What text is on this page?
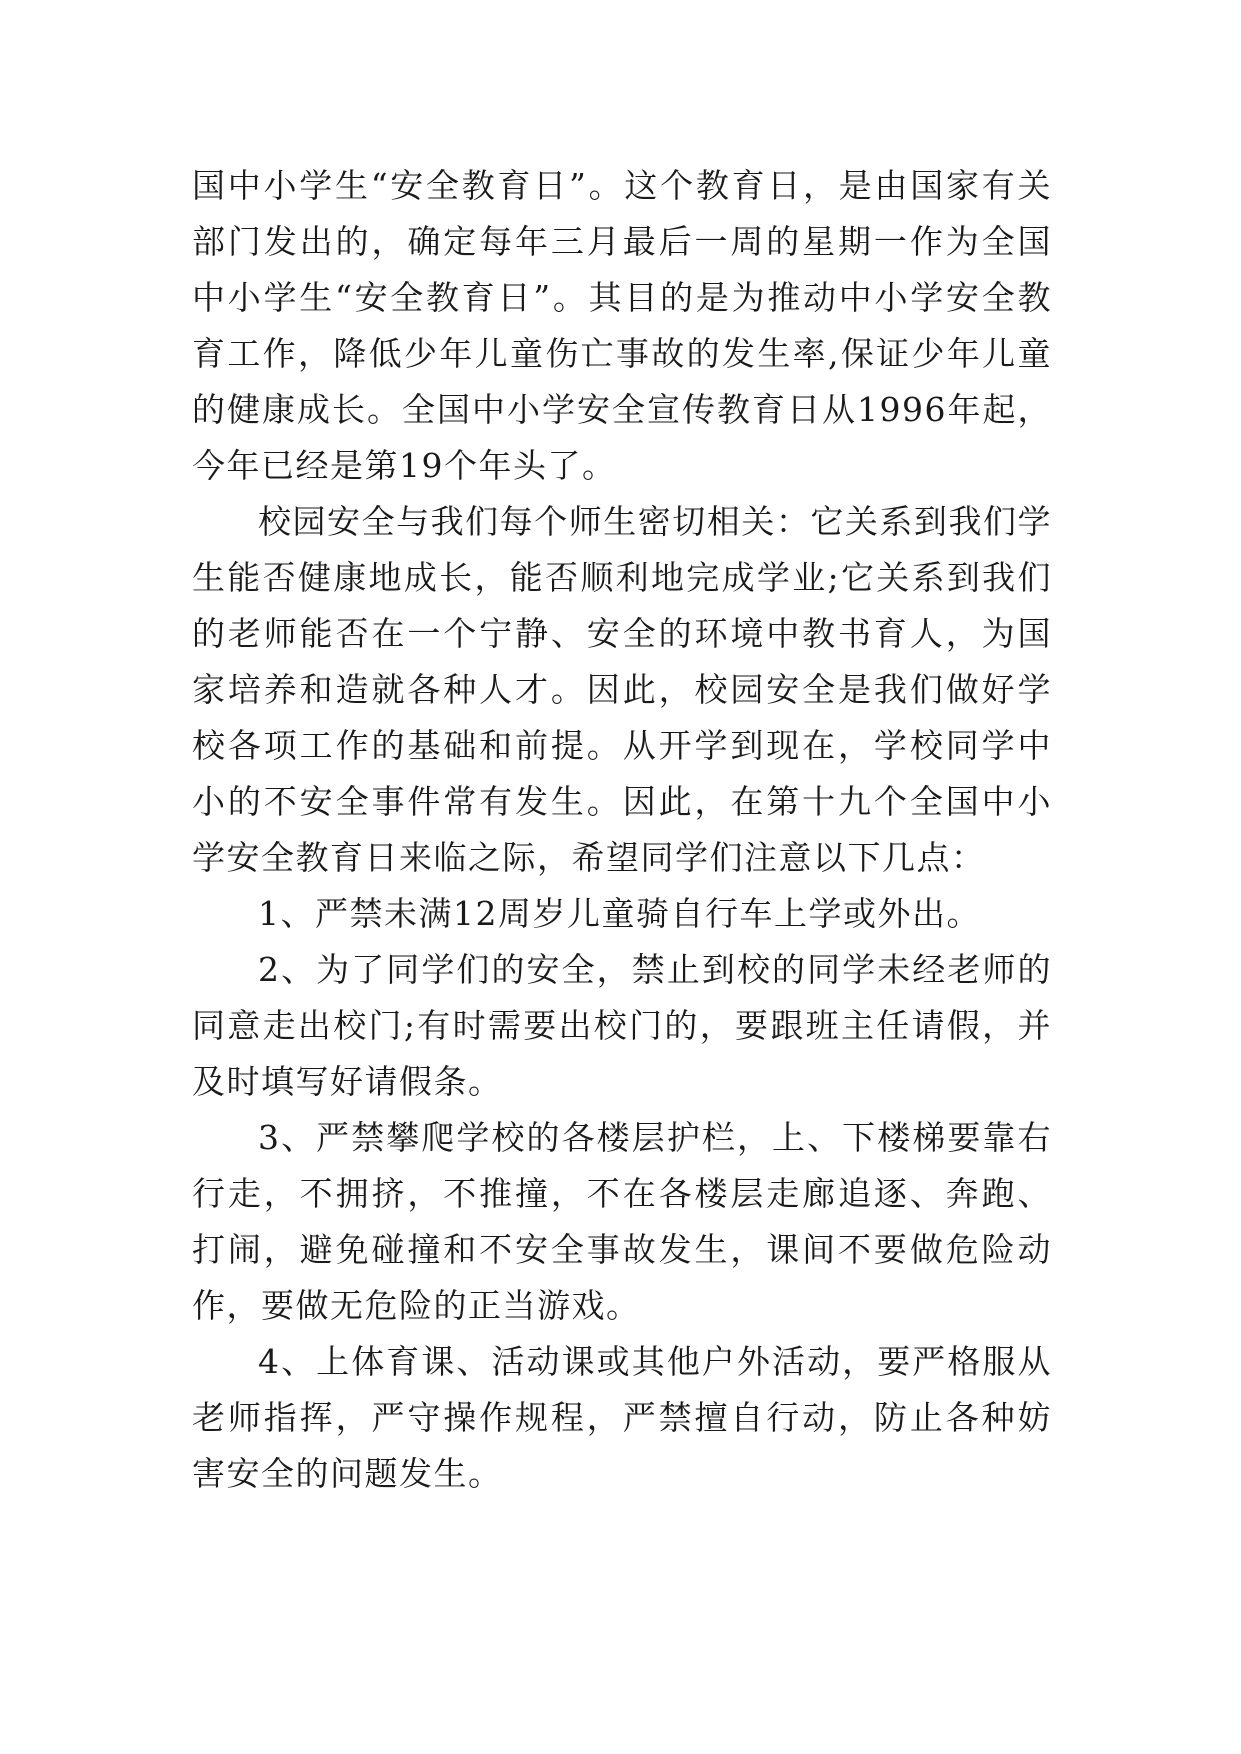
国中小学生“安全教育日”。这个教育日，是由国家有关部门发出的，确定每年三月最后一周的星期一作为全国中小学生“安全教育日”。其目的是为推动中小学安全教育工作，降低少年儿童伤亡事故的发生率,保证少年儿童的健康成长。全国中小学安全宣传教育日从1996年起，今年已经是第19个年头了。

校园安全与我们每个师生密切相关：它关系到我们学生能否健康地成长，能否顺利地完成学业;它关系到我们的老师能否在一个宁静、安全的环境中教书育人，为国家培养和造就各种人才。因此，校园安全是我们做好学校各项工作的基础和前提。从开学到现在，学校同学中小的不安全事件常有发生。因此，在第十九个全国中小学安全教育日来临之际，希望同学们注意以下几点：

1、严禁未满12周岁儿童骑自行车上学或外出。

2、为了同学们的安全，禁止到校的同学未经老师的同意走出校门;有时需要出校门的，要跟班主任请假，并及时填写好请假条。

3、严禁攀爬学校的各楼层护栏，上、下楼梯要靠右行走，不拥挤，不推撞，不在各楼层走廊追逐、奔跑、打闹，避免碰撞和不安全事故发生，课间不要做危险动作，要做无危险的正当游戏。

4、上体育课、活动课或其他户外活动，要严格服从老师指挥，严守操作规程，严禁擅自行动，防止各种妨害安全的问题发生。
